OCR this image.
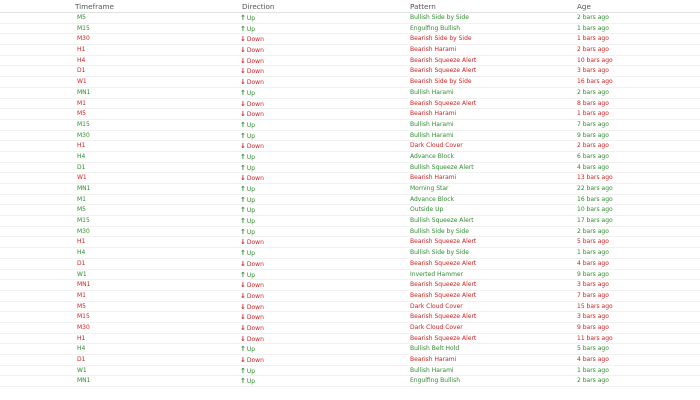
Timeframe	Direction	Pattern	Age
M5	↑Up	Bullish Side by Side	2 bars ago
M15	↑Up	Engulfing Bullish	1 bars ago
M30	↓Down	Bearish Side by Side	1 bars ago
H1	↓Down	Bearish Harami	2 bars ago
H4	↓Down	Bearish Squeeze Alert	10 bars ago
D1	↓Down	Bearish Squeeze Alert	3 bars ago
W1	↓Down	Bearish Side by Side	16 bars ago
MN1	↑Up	Bullish Harami	2 bars ago
M1	↓Down	Bearish Squeeze Alert	8 bars ago
M5	↓Down	Bearish Harami	1 bars ago
M15	↑Up	Bullish Harami	7 bars ago
M30	↑Up	Bullish Harami	9 bars ago
H1	↓Down	Dark Cloud Cover	2 bars ago
H4	↑Up	Advance Block	6 bars ago
D1	↑Up	Bullish Squeeze Alert	4 bars ago
W1	↓Down	Bearish Harami	13 bars ago
MN1	↑Up	Morning Star	22 bars ago
M1	↑Up	Advance Block	16 bars ago
M5	↑Up	Outside Up	10 bars ago
M15	↑Up	Bullish Squeeze Alert	17 bars ago
M30	↑Up	Bullish Side by Side	2 bars ago
H1	↓Down	Bearish Squeeze Alert	5 bars ago
H4	↑Up	Bullish Side by Side	1 bars ago
D1	↓Down	Bearish Squeeze Alert	4 bars ago
W1	↑Up	Inverted Hammer	9 bars ago
MN1	↓Down	Bearish Squeeze Alert	3 bars ago
M1	↓Down	Bearish Squeeze Alert	7 bars ago
M5	↓Down	Dark Cloud Cover	15 bars ago
M15	↓Down	Bearish Squeeze Alert	3 bars ago
M30	↓Down	Dark Cloud Cover	9 bars ago
H1	↓Down	Bearish Squeeze Alert	11 bars ago
H4	↑Up	Bullish Belt Hold	5 bars ago
D1	↓Down	Bearish Harami	4 bars ago
W1	↑Up	Bullish Harami	1 bars ago
MN1	↑Up	Engulfing Bullish	2 bars ago
